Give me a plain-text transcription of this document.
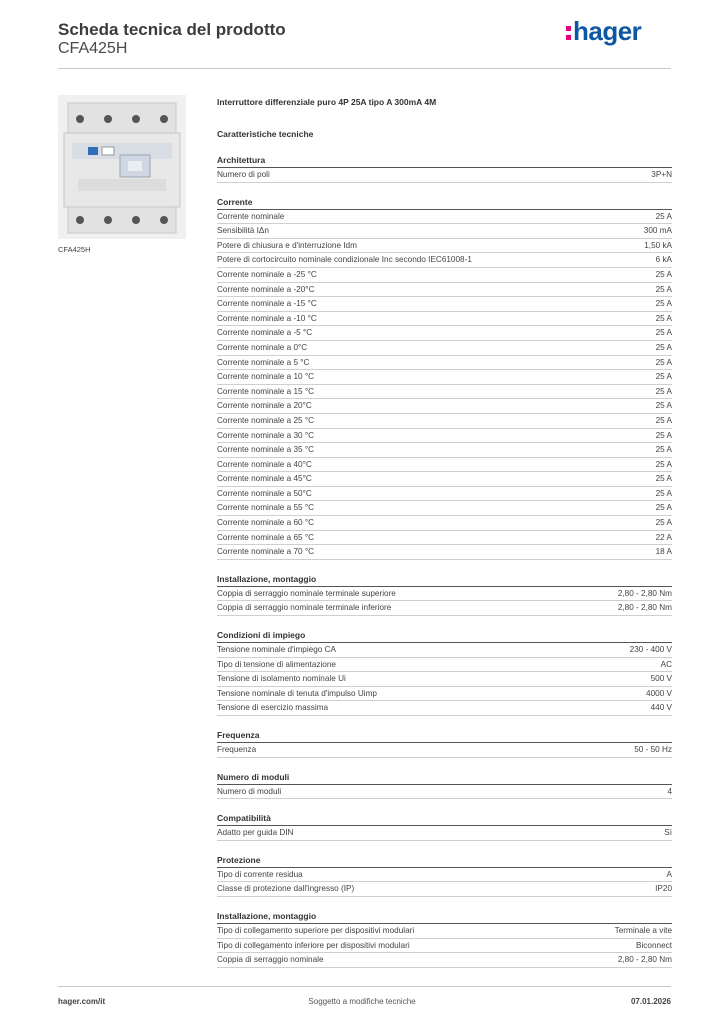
Scheda tecnica del prodotto
CFA425H
hager
CFA425H
Interruttore differenziale puro 4P 25A tipo A 300mA 4M
Caratteristiche tecniche
Architettura
Numero di poli	3P+N
Corrente
Corrente nominale	25 A
Sensibilità IΔn	300 mA
Potere di chiusura e d'interruzione Idm	1,50 kA
Potere di cortocircuito nominale condizionale Inc secondo IEC61008-1	6 kA
Corrente nominale a -25 °C	25 A
Corrente nominale a -20°C	25 A
Corrente nominale a -15 °C	25 A
Corrente nominale a -10 °C	25 A
Corrente nominale a -5 °C	25 A
Corrente nominale a 0°C	25 A
Corrente nominale a 5 °C	25 A
Corrente nominale a 10 °C	25 A
Corrente nominale a 15 °C	25 A
Corrente nominale a 20°C	25 A
Corrente nominale a 25 °C	25 A
Corrente nominale a 30 °C	25 A
Corrente nominale a 35 °C	25 A
Corrente nominale a 40°C	25 A
Corrente nominale a 45°C	25 A
Corrente nominale a 50°C	25 A
Corrente nominale a 55 °C	25 A
Corrente nominale a 60 °C	25 A
Corrente nominale a 65 °C	22 A
Corrente nominale a 70 °C	18 A
Installazione, montaggio
Coppia di serraggio nominale terminale superiore	2,80 - 2,80 Nm
Coppia di serraggio nominale terminale inferiore	2,80 - 2,80 Nm
Condizioni di impiego
Tensione nominale d'impiego CA	230 - 400 V
Tipo di tensione di alimentazione	AC
Tensione di isolamento nominale Ui	500 V
Tensione nominale di tenuta d'impulso Uimp	4000 V
Tensione di esercizio massima	440 V
Frequenza
Frequenza	50 - 50 Hz
Numero di moduli
Numero di moduli	4
Compatibilità
Adatto per guida DIN	Sì
Protezione
Tipo di corrente residua	A
Classe di protezione dall'ingresso (IP)	IP20
Installazione, montaggio
Tipo di collegamento superiore per dispositivi modulari	Terminale a vite
Tipo di collegamento inferiore per dispositivi modulari	Biconnect
Coppia di serraggio nominale	2,80 - 2,80 Nm
hager.com/it	Soggetto a modifiche tecniche	07.01.2026
